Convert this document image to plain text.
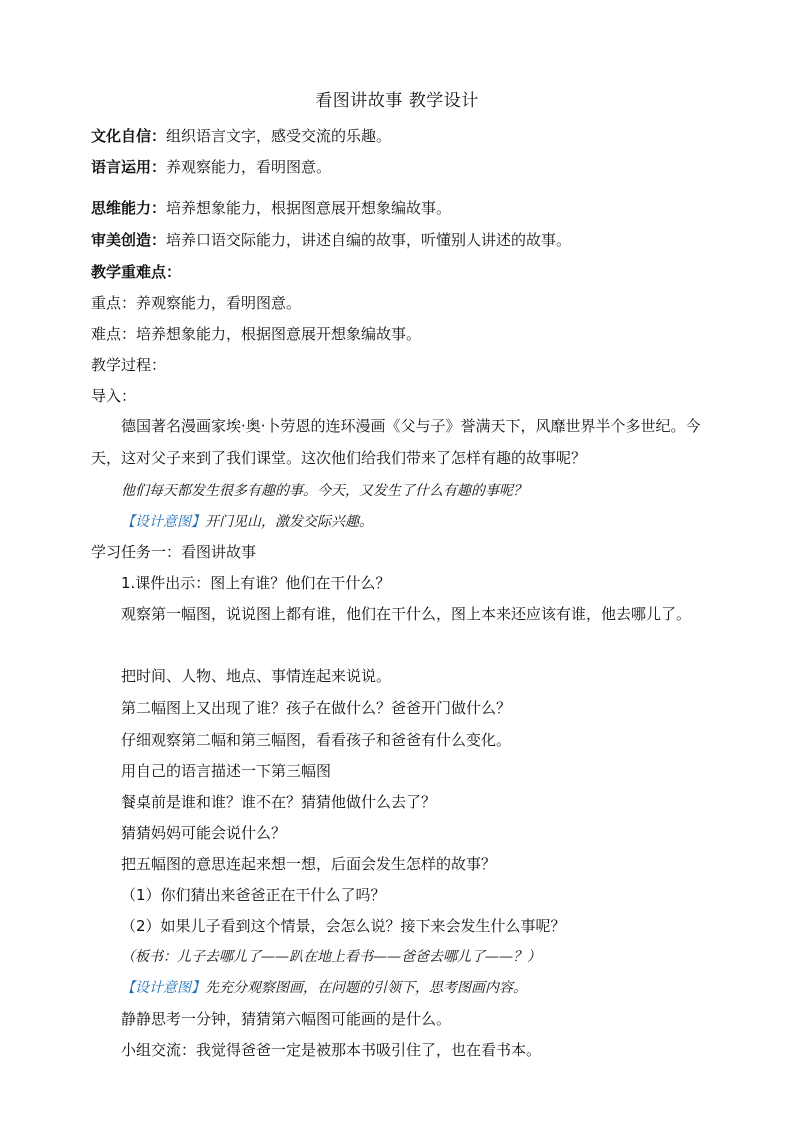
看图讲故事 教学设计
文化自信：组织语言文字，感受交流的乐趣。
语言运用：养观察能力，看明图意。
思维能力：培养想象能力，根据图意展开想象编故事。
审美创造：培养口语交际能力，讲述自编的故事，听懂别人讲述的故事。
教学重难点：
重点：养观察能力，看明图意。
难点：培养想象能力，根据图意展开想象编故事。
教学过程：
导入：
德国著名漫画家埃·奥·卜劳恩的连环漫画《父与子》誉满天下，风靡世界半个多世纪。今天，这对父子来到了我们课堂。这次他们给我们带来了怎样有趣的故事呢？
他们每天都发生很多有趣的事。今天，又发生了什么有趣的事呢？
【设计意图】开门见山，激发交际兴趣。
学习任务一：看图讲故事
1.课件出示：图上有谁？他们在干什么？
观察第一幅图，说说图上都有谁，他们在干什么，图上本来还应该有谁，他去哪儿了。
把时间、人物、地点、事情连起来说说。
第二幅图上又出现了谁？孩子在做什么？爸爸开门做什么？
仔细观察第二幅和第三幅图，看看孩子和爸爸有什么变化。
用自己的语言描述一下第三幅图
餐桌前是谁和谁？谁不在？猜猜他做什么去了？
猜猜妈妈可能会说什么？
把五幅图的意思连起来想一想，后面会发生怎样的故事？
（1）你们猜出来爸爸正在干什么了吗？
（2）如果儿子看到这个情景，会怎么说？接下来会发生什么事呢？
（板书：儿子去哪儿了——趴在地上看书——爸爸去哪儿了——？）
【设计意图】先充分观察图画，在问题的引领下，思考图画内容。
静静思考一分钟，猜猜第六幅图可能画的是什么。
小组交流：我觉得爸爸一定是被那本书吸引住了，也在看书本。
